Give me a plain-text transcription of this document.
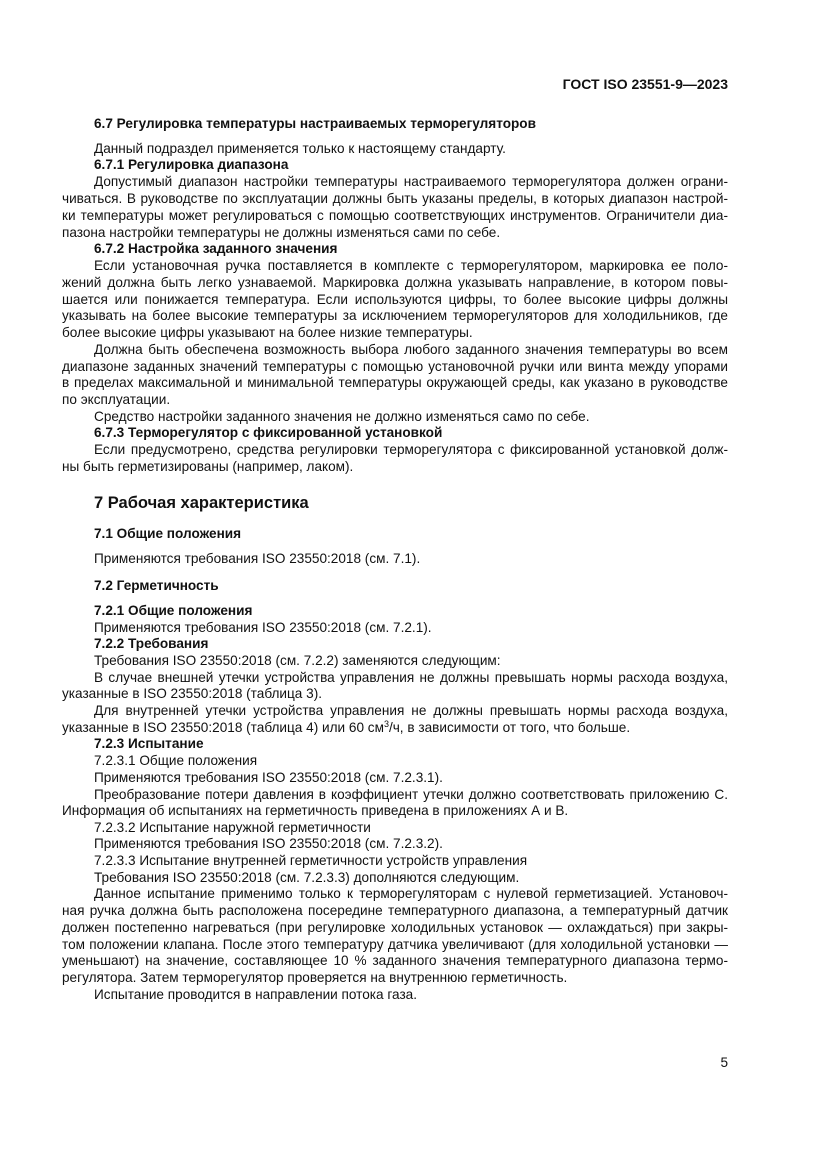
ГОСТ ISO 23551-9—2023
6.7 Регулировка температуры настраиваемых терморегуляторов
Данный подраздел применяется только к настоящему стандарту.
6.7.1 Регулировка диапазона
Допустимый диапазон настройки температуры настраиваемого терморегулятора должен ограни-
чиваться. В руководстве по эксплуатации должны быть указаны пределы, в которых диапазон настрой-
ки температуры может регулироваться с помощью соответствующих инструментов. Ограничители диа-
пазона настройки температуры не должны изменяться сами по себе.
6.7.2 Настройка заданного значения
Если установочная ручка поставляется в комплекте с терморегулятором, маркировка ее поло-
жений должна быть легко узнаваемой. Маркировка должна указывать направление, в котором повы-
шается или понижается температура. Если используются цифры, то более высокие цифры должны
указывать на более высокие температуры за исключением терморегуляторов для холодильников, где
более высокие цифры указывают на более низкие температуры.
Должна быть обеспечена возможность выбора любого заданного значения температуры во всем
диапазоне заданных значений температуры с помощью установочной ручки или винта между упорами
в пределах максимальной и минимальной температуры окружающей среды, как указано в руководстве
по эксплуатации.
Средство настройки заданного значения не должно изменяться само по себе.
6.7.3 Терморегулятор с фиксированной установкой
Если предусмотрено, средства регулировки терморегулятора с фиксированной установкой долж-
ны быть герметизированы (например, лаком).
7 Рабочая характеристика
7.1 Общие положения
Применяются требования ISO 23550:2018 (см. 7.1).
7.2 Герметичность
7.2.1 Общие положения
Применяются требования ISO 23550:2018 (см. 7.2.1).
7.2.2 Требования
Требования ISO 23550:2018 (см. 7.2.2) заменяются следующим:
В случае внешней утечки устройства управления не должны превышать нормы расхода воздуха,
указанные в ISO 23550:2018 (таблица 3).
Для внутренней утечки устройства управления не должны превышать нормы расхода воздуха,
указанные в ISO 23550:2018 (таблица 4) или 60 $см^3/ч$, в зависимости от того, что больше.
7.2.3 Испытание
7.2.3.1 Общие положения
Применяются требования ISO 23550:2018 (см. 7.2.3.1).
Преобразование потери давления в коэффициент утечки должно соответствовать приложению С.
Информация об испытаниях на герметичность приведена в приложениях А и В.
7.2.3.2 Испытание наружной герметичности
Применяются требования ISO 23550:2018 (см. 7.2.3.2).
7.2.3.3 Испытание внутренней герметичности устройств управления
Требования ISO 23550:2018 (см. 7.2.3.3) дополняются следующим.
Данное испытание применимо только к терморегуляторам с нулевой герметизацией. Установоч-
ная ручка должна быть расположена посередине температурного диапазона, а температурный датчик
должен постепенно нагреваться (при регулировке холодильных установок — охлаждаться) при закры-
том положении клапана. После этого температуру датчика увеличивают (для холодильной установки —
уменьшают) на значение, составляющее 10 % заданного значения температурного диапазона термо-
регулятора. Затем терморегулятор проверяется на внутреннюю герметичность.
Испытание проводится в направлении потока газа.
5
